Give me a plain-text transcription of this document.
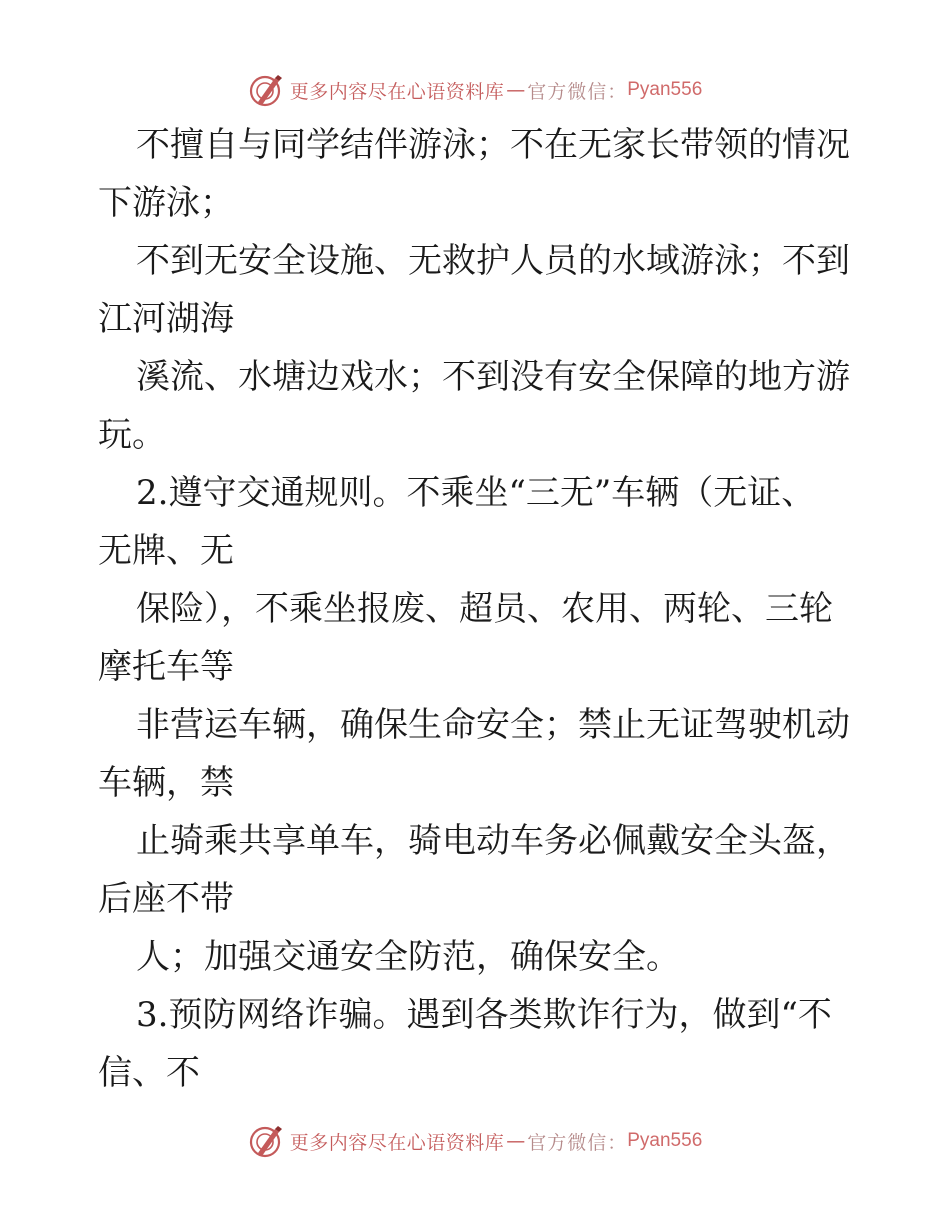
更多内容尽在心语资料库 — 官方微信： Pyan556
不擅自与同学结伴游泳；不在无家长带领的情况
下游泳；
不到无安全设施、无救护人员的水域游泳；不到
江河湖海
溪流、水塘边戏水；不到没有安全保障的地方游
玩。
2.遵守交通规则。不乘坐“三无”车辆（无证、
无牌、无
保险），不乘坐报废、超员、农用、两轮、三轮
摩托车等
非营运车辆，确保生命安全；禁止无证驾驶机动
车辆，禁
止骑乘共享单车，骑电动车务必佩戴安全头盔，
后座不带
人；加强交通安全防范，确保安全。
3.预防网络诈骗。遇到各类欺诈行为，做到“不
信、不
更多内容尽在心语资料库 — 官方微信： Pyan556
